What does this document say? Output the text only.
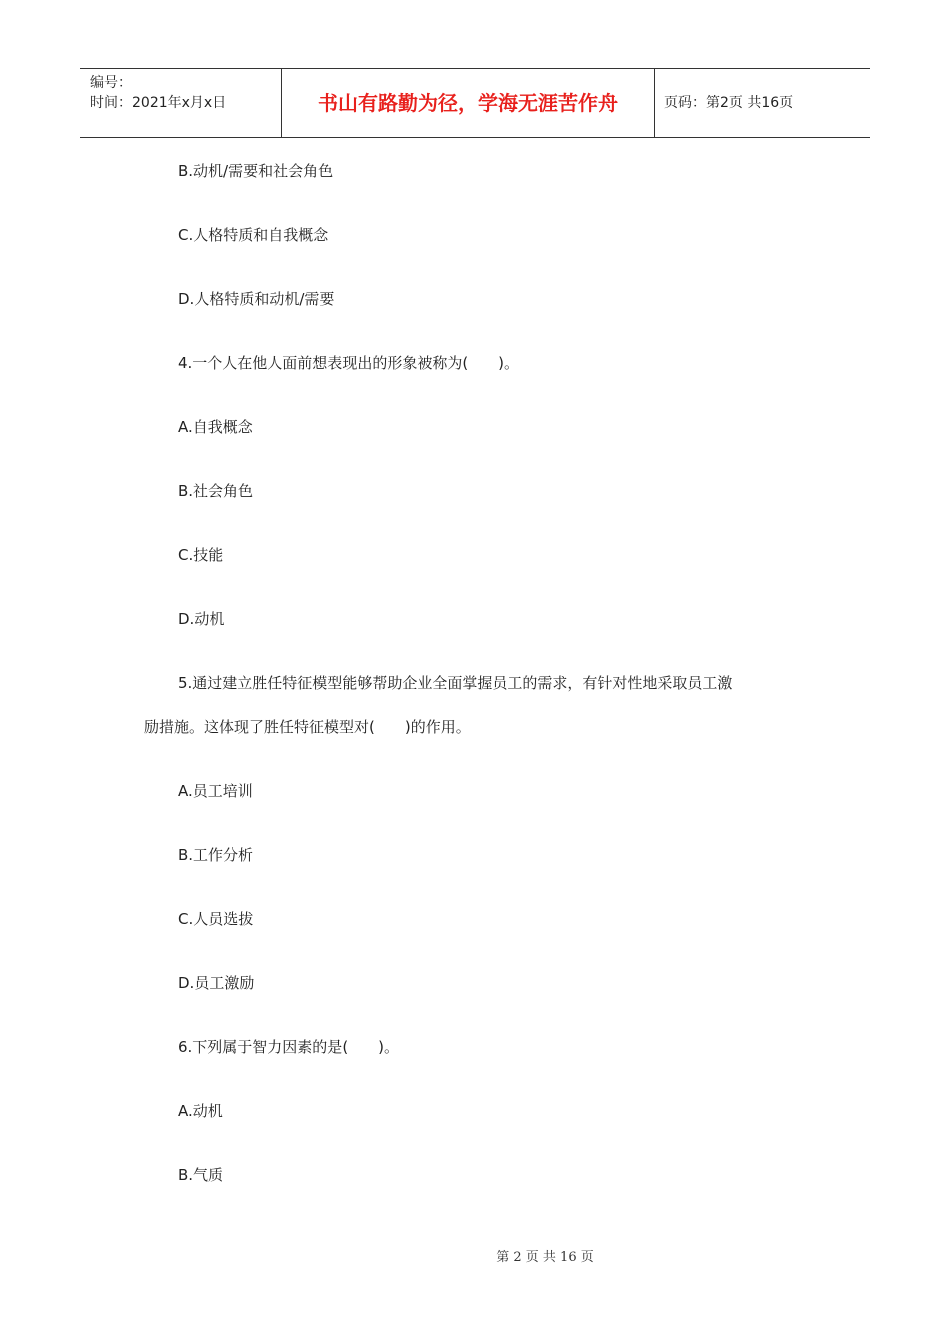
编号：
时间：2021年x月x日	书山有路勤为径，学海无涯苦作舟	页码：第2页 共16页
B.动机/需要和社会角色
C.人格特质和自我概念
D.人格特质和动机/需要
4.一个人在他人面前想表现出的形象被称为(　　)。
A.自我概念
B.社会角色
C.技能
D.动机
5.通过建立胜任特征模型能够帮助企业全面掌握员工的需求，有针对性地采取员工激
励措施。这体现了胜任特征模型对(　　)的作用。
A.员工培训
B.工作分析
C.人员选拔
D.员工激励
6.下列属于智力因素的是(　　)。
A.动机
B.气质
第 2 页 共 16 页
